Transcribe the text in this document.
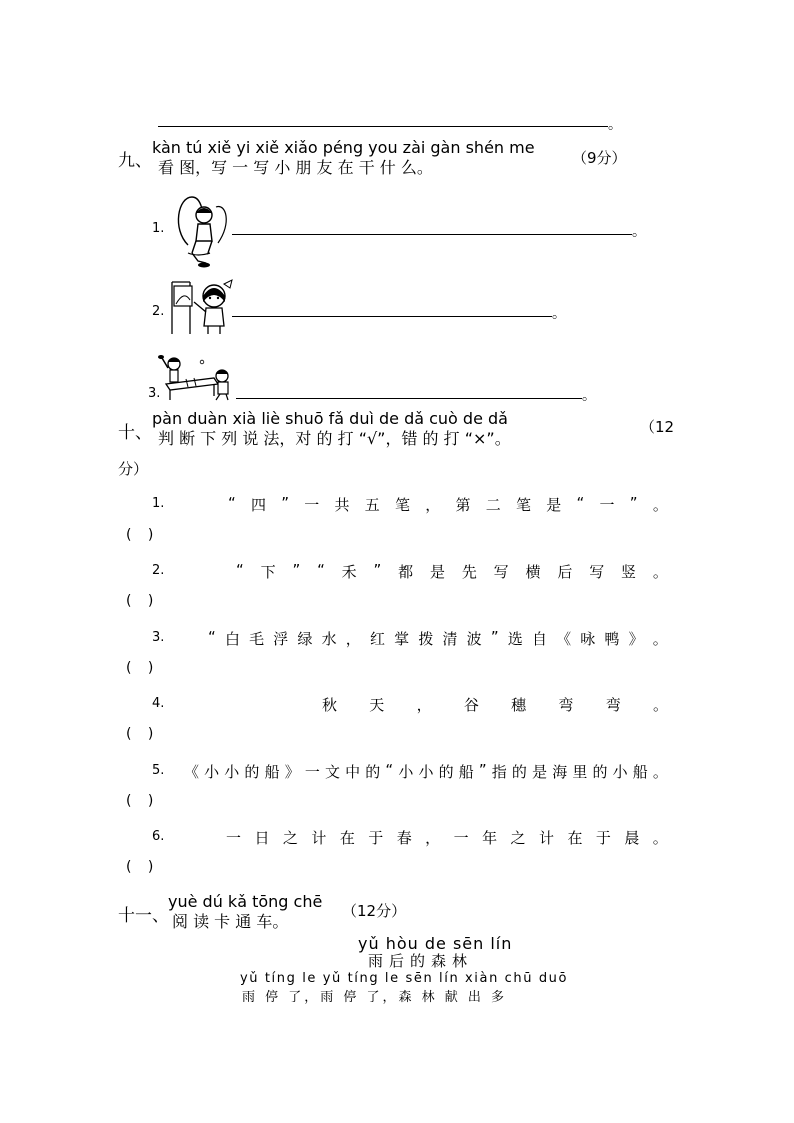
。
九、
kàn tú xiě yi xiě xiǎo péng you zài gàn shén me
看 图，写 一 写 小 朋 友 在 干 什 么。	（9分）
1.	。
2.	。
3.	。
十、
pàn duàn xià liè shuō fǎ duì de dǎ cuò de dǎ
判 断 下 列 说 法，对 的 打 “√”，错 的 打 “×”。
（12
分）
1.	“ 四 ” 一 共 五 笔 ， 第 二 笔 是 “ 一 ” 。
( )
2.	“ 下 ” “ 禾 ” 都 是 先 写 横 后 写 竖 。
( )
3.	“ 白 毛 浮 绿 水 ， 红 掌 拨 清 波 ” 选 自 《 咏 鸭 》 。
( )
4.	秋 天 ， 谷 穗 弯 弯 。
( )
5. 《 小 小 的 船 》 一 文 中 的 “ 小 小 的 船 ” 指 的 是 海 里 的 小 船 。
( )
6.	一 日 之 计 在 于 春 ， 一 年 之 计 在 于 晨 。
( )
十一、
yuè dú kǎ tōng chē
阅 读 卡 通 车。
（12分）
yǔ hòu de sēn lín
雨后的森林
yǔ tíng le yǔ tíng le sēn lín xiàn chū duō
雨 停 了，雨 停 了，森 林 献 出 多
